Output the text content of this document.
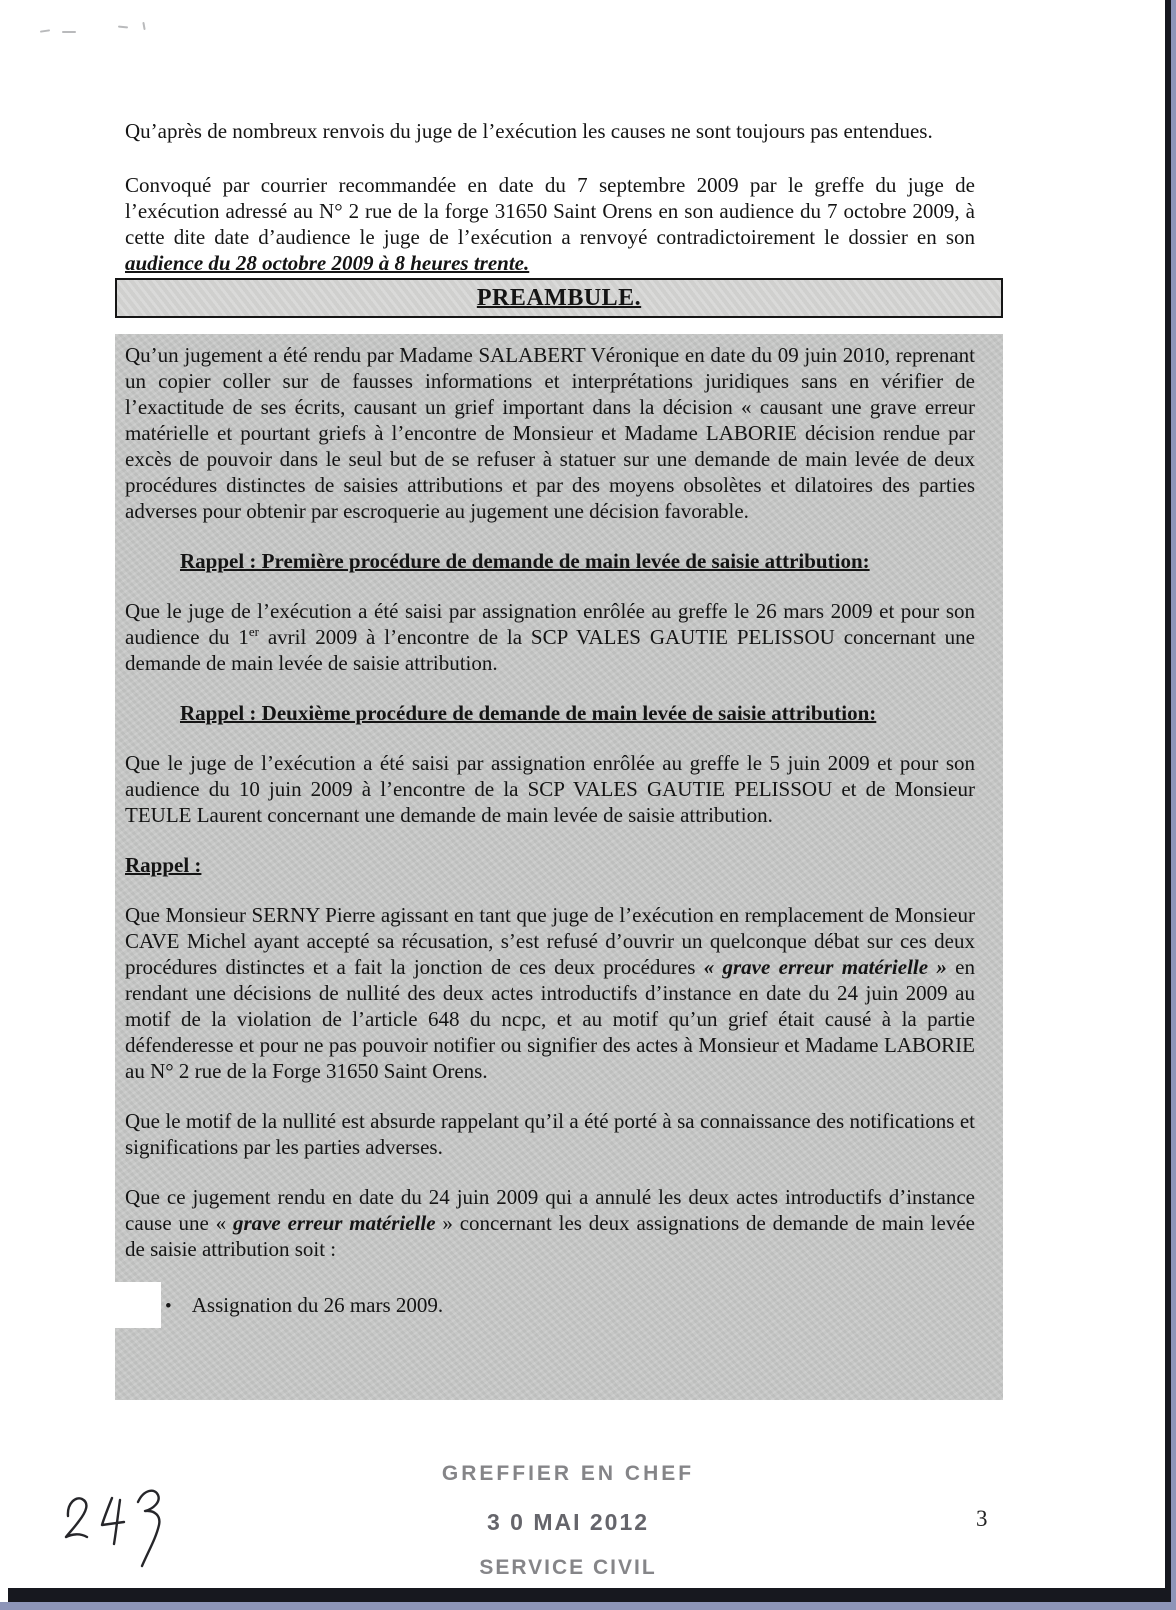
Qu’après de nombreux renvois du juge de l’exécution les causes ne sont toujours pas entendues.

Convoqué par courrier recommandée en date du 7 septembre 2009 par le greffe du juge de l’exécution adressé au N° 2 rue de la forge 31650 Saint Orens en son audience du 7 octobre 2009, à cette dite date d’audience le juge de l’exécution a renvoyé contradictoirement le dossier en son audience du 28 octobre 2009 à 8 heures trente.

PREAMBULE.

Qu’un jugement a été rendu par Madame SALABERT Véronique en date du 09 juin 2010, reprenant un copier coller sur de fausses informations et interprétations juridiques sans en vérifier de l’exactitude de ses écrits, causant un grief important dans la décision « causant une grave erreur matérielle et pourtant griefs à l’encontre de Monsieur et Madame LABORIE décision rendue par excès de pouvoir dans le seul but de se refuser à statuer sur une demande de main levée de deux procédures distinctes de saisies attributions et par des moyens obsolètes et dilatoires des parties adverses pour obtenir par escroquerie au jugement une décision favorable.

Rappel : Première procédure de demande de main levée de saisie attribution:

Que le juge de l’exécution a été saisi par assignation enrôlée au greffe le 26 mars 2009 et pour son audience du 1er avril 2009 à l’encontre de la SCP VALES GAUTIE PELISSOU concernant une demande de main levée de saisie attribution.

Rappel : Deuxième procédure de demande de main levée de saisie attribution:

Que le juge de l’exécution a été saisi par assignation enrôlée au greffe le 5 juin 2009 et pour son audience du 10 juin 2009 à l’encontre de la SCP VALES GAUTIE PELISSOU et de Monsieur TEULE Laurent concernant une demande de main levée de saisie attribution.

Rappel :

Que Monsieur SERNY Pierre agissant en tant que juge de l’exécution en remplacement de Monsieur CAVE Michel ayant accepté sa récusation, s’est refusé d’ouvrir un quelconque débat sur ces deux procédures distinctes et a fait la jonction de ces deux procédures « grave erreur matérielle » en rendant une décisions de nullité des deux actes introductifs d’instance en date du 24 juin 2009 au motif de la violation de l’article 648 du ncpc, et au motif qu’un grief était causé à la partie défenderesse et pour ne pas pouvoir notifier ou signifier des actes à Monsieur et Madame LABORIE au N° 2 rue de la Forge 31650 Saint Orens.

Que le motif de la nullité est absurde rappelant qu’il a été porté à sa connaissance des notifications et significations par les parties adverses.

Que ce jugement rendu en date du 24 juin 2009 qui a annulé les deux actes introductifs d’instance cause une « grave erreur matérielle » concernant les deux assignations de demande de main levée de saisie attribution soit :

• Assignation du 26 mars 2009.
GREFFIER EN CHEF
3 0 MAI 2012
SERVICE CIVIL
3
